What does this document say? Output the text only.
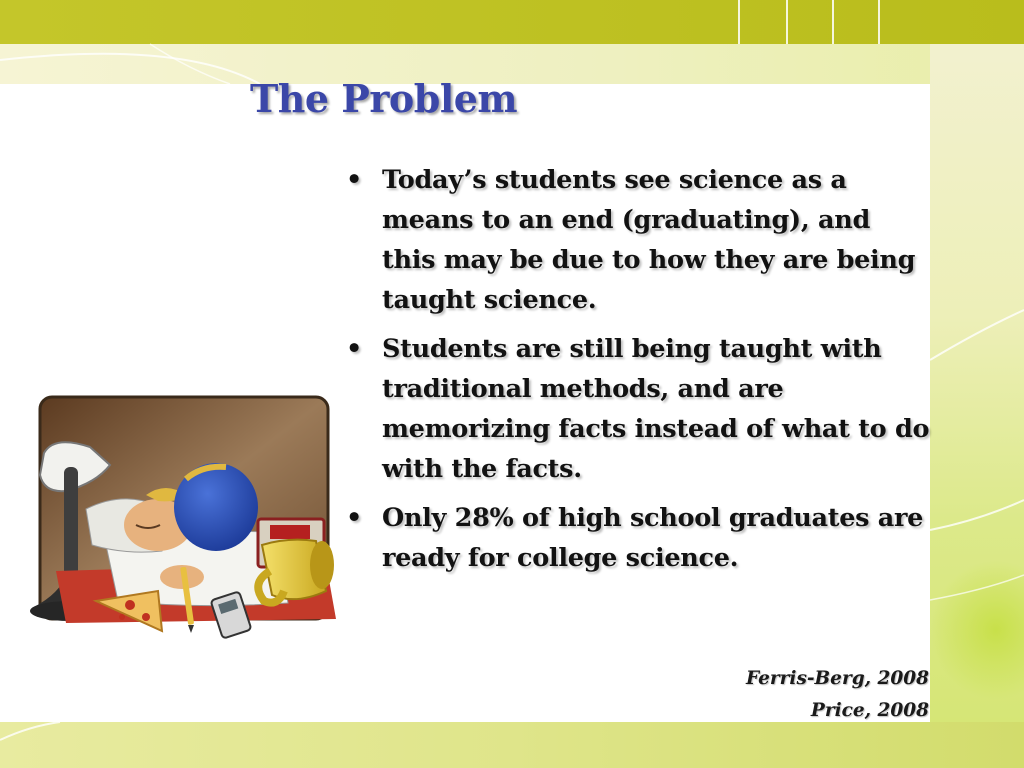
The Problem
• Today’s students see science as a means to an end (graduating), and this may be due to how they are being taught science.
• Students are still being taught with traditional methods, and are memorizing facts instead of what to do with the facts.
• Only 28% of high school graduates are ready for college science.
Ferris-Berg, 2008
Price, 2008
